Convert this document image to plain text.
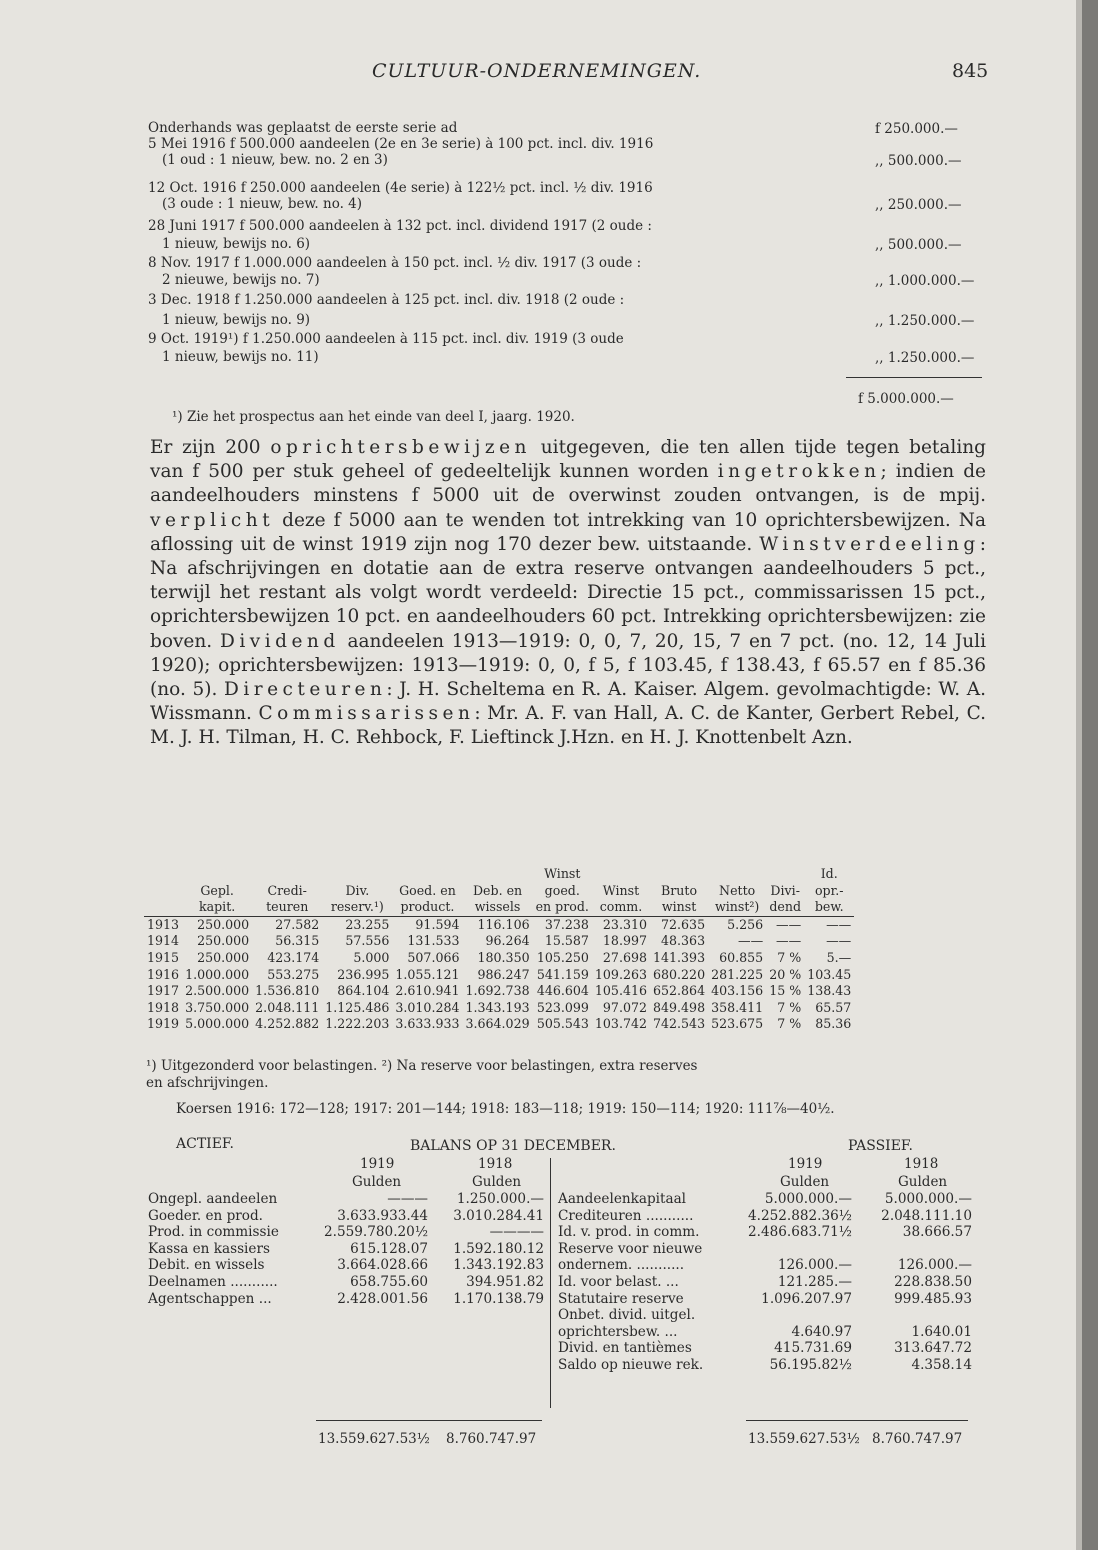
CULTUUR-ONDERNEMINGEN.	845
Onderhands was geplaatst de eerste serie ad	f 250.000.—
5 Mei 1916 f 500.000 aandeelen (2e en 3e serie) à 100 pct. incl. div. 1916
(1 oud : 1 nieuw, bew. no. 2 en 3)	,, 500.000.—
12 Oct. 1916 f 250.000 aandeelen (4e serie) à 122½ pct. incl. ½ div. 1916
(3 oude : 1 nieuw, bew. no. 4)	,, 250.000.—
28 Juni 1917 f 500.000 aandeelen à 132 pct. incl. dividend 1917 (2 oude :
1 nieuw, bewijs no. 6)	,, 500.000.—
8 Nov. 1917 f 1.000.000 aandeelen à 150 pct. incl. ½ div. 1917 (3 oude :
2 nieuwe, bewijs no. 7)	,, 1.000.000.—
3 Dec. 1918 f 1.250.000 aandeelen à 125 pct. incl. div. 1918 (2 oude :
1 nieuw, bewijs no. 9)	,, 1.250.000.—
9 Oct. 1919¹) f 1.250.000 aandeelen à 115 pct. incl. div. 1919 (3 oude
1 nieuw, bewijs no. 11)	,, 1.250.000.—
f 5.000.000.—
¹) Zie het prospectus aan het einde van deel I, jaarg. 1920.

Er zijn 200 oprichtersbewijzen uitgegeven, die ten allen tijde tegen betaling van f 500 per stuk geheel of gedeeltelijk kunnen worden ingetrokken; indien de aandeelhouders minstens f 5000 uit de overwinst zouden ontvangen, is de mpij. verplicht deze f 5000 aan te wenden tot intrekking van 10 oprichtersbewijzen. Na aflossing uit de winst 1919 zijn nog 170 dezer bew. uitstaande. Winstverdeeling: Na afschrijvingen en dotatie aan de extra reserve ontvangen aandeelhouders 5 pct., terwijl het restant als volgt wordt verdeeld: Directie 15 pct., commissarissen 15 pct., oprichtersbewijzen 10 pct. en aandeelhouders 60 pct. Intrekking oprichtersbewijzen: zie boven. Dividend aandeelen 1913—1919: 0, 0, 7, 20, 15, 7 en 7 pct. (no. 12, 14 Juli 1920); oprichtersbewijzen: 1913—1919: 0, 0, f 5, f 103.45, f 138.43, f 65.57 en f 85.36 (no. 5). Directeuren: J. H. Scheltema en R. A. Kaiser. Algem. gevolmachtigde: W. A. Wissmann. Commissarissen: Mr. A. F. van Hall, A. C. de Kanter, Gerbert Rebel, C. M. J. H. Tilman, H. C. Rehbock, F. Lieftinck J.Hzn. en H. J. Knottenbelt Azn.

						Winst					Id.
	Gepl.	Credi-	Div.	Goed. en	Deb. en	goed.	Winst	Bruto	Netto	Divi-	opr.-
	kapit.	teuren	reserv.¹)	product.	wissels	en prod.	comm.	winst	winst²)	dend	bew.
1913	250.000	27.582	23.255	91.594	116.106	37.238	23.310	72.635	5.256	——	——
1914	250.000	56.315	57.556	131.533	96.264	15.587	18.997	48.363	——	——	——
1915	250.000	423.174	5.000	507.066	180.350	105.250	27.698	141.393	60.855	7 %	5.—
1916	1.000.000	553.275	236.995	1.055.121	986.247	541.159	109.263	680.220	281.225	20 %	103.45
1917	2.500.000	1.536.810	864.104	2.610.941	1.692.738	446.604	105.416	652.864	403.156	15 %	138.43
1918	3.750.000	2.048.111	1.125.486	3.010.284	1.343.193	523.099	97.072	849.498	358.411	7 %	65.57
1919	5.000.000	4.252.882	1.222.203	3.633.933	3.664.029	505.543	103.742	742.543	523.675	7 %	85.36
¹) Uitgezonderd voor belastingen. ²) Na reserve voor belastingen, extra reserves
en afschrijvingen.
Koersen 1916: 172—128; 1917: 201—144; 1918: 183—118; 1919: 150—114; 1920: 111⅞—40½.
ACTIEF.	BALANS OP 31 DECEMBER.	PASSIEF.
1919	1918
Gulden	Gulden
1919	1918
Gulden	Gulden
Ongepl. aandeelen	———	1.250.000.—
Goeder. en prod.	3.633.933.44	3.010.284.41
Prod. in commissie	2.559.780.20½	————
Kassa en kassiers	615.128.07	1.592.180.12
Debit. en wissels	3.664.028.66	1.343.192.83
Deelnamen ...........	658.755.60	394.951.82
Agentschappen ...	2.428.001.56	1.170.138.79
Aandeelenkapitaal	5.000.000.—	5.000.000.—
Crediteuren ...........	4.252.882.36½	2.048.111.10
Id. v. prod. in comm.	2.486.683.71½	38.666.57
Reserve voor nieuwe		
ondernem. ...........	126.000.—	126.000.—
Id. voor belast. ...	121.285.—	228.838.50
Statutaire reserve	1.096.207.97	999.485.93
Onbet. divid. uitgel.		
oprichtersbew. ...	4.640.97	1.640.01
Divid. en tantièmes	415.731.69	313.647.72
Saldo op nieuwe rek.	56.195.82½	4.358.14
13.559.627.53½ 8.760.747.97	13.559.627.53½ 8.760.747.97
